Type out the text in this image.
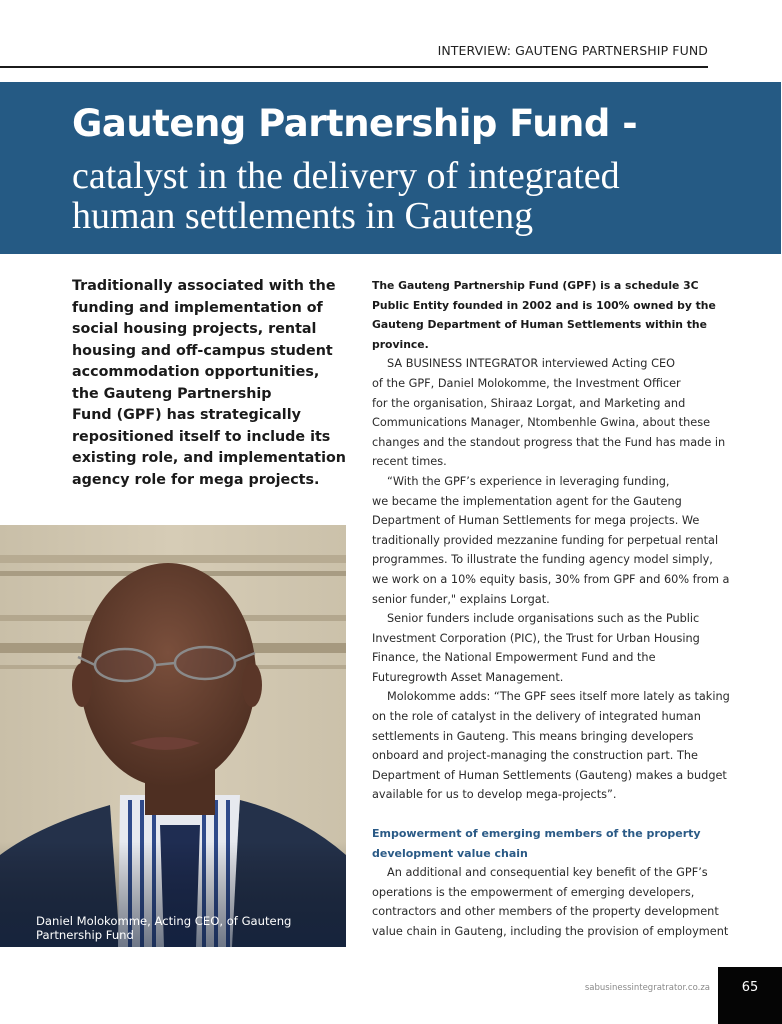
INTERVIEW: GAUTENG PARTNERSHIP FUND
Gauteng Partnership Fund -
catalyst in the delivery of integrated
human settlements in Gauteng
Traditionally associated with the
funding and implementation of
social housing projects, rental
housing and off-campus student
accommodation opportunities,
the Gauteng Partnership
Fund (GPF) has strategically
repositioned itself to include its
existing role, and implementation
agency role for mega projects.
The Gauteng Partnership Fund (GPF) is a schedule 3C
Public Entity founded in 2002 and is 100% owned by the
Gauteng Department of Human Settlements within the
province.
SA BUSINESS INTEGRATOR interviewed Acting CEO
of the GPF, Daniel Molokomme, the Investment Officer
for the organisation, Shiraaz Lorgat, and Marketing and
Communications Manager, Ntombenhle Gwina, about these
changes and the standout progress that the Fund has made in
recent times.
“With the GPF’s experience in leveraging funding,
we became the implementation agent for the Gauteng
Department of Human Settlements for mega projects. We
traditionally provided mezzanine funding for perpetual rental
programmes. To illustrate the funding agency model simply,
we work on a 10% equity basis, 30% from GPF and 60% from a
senior funder," explains Lorgat.
Senior funders include organisations such as the Public
Investment Corporation (PIC), the Trust for Urban Housing
Finance, the National Empowerment Fund and the
Futuregrowth Asset Management.
Molokomme adds: “The GPF sees itself more lately as taking
on the role of catalyst in the delivery of integrated human
settlements in Gauteng. This means bringing developers
onboard and project-managing the construction part. The
Department of Human Settlements (Gauteng) makes a budget
available for us to develop mega-projects”.
Empowerment of emerging members of the property
development value chain
An additional and consequential key benefit of the GPF’s
operations is the empowerment of emerging developers,
contractors and other members of the property development
value chain in Gauteng, including the provision of employment
Daniel Molokomme, Acting CEO, of Gauteng
Partnership Fund
sabusinessintegratrator.co.za	65
